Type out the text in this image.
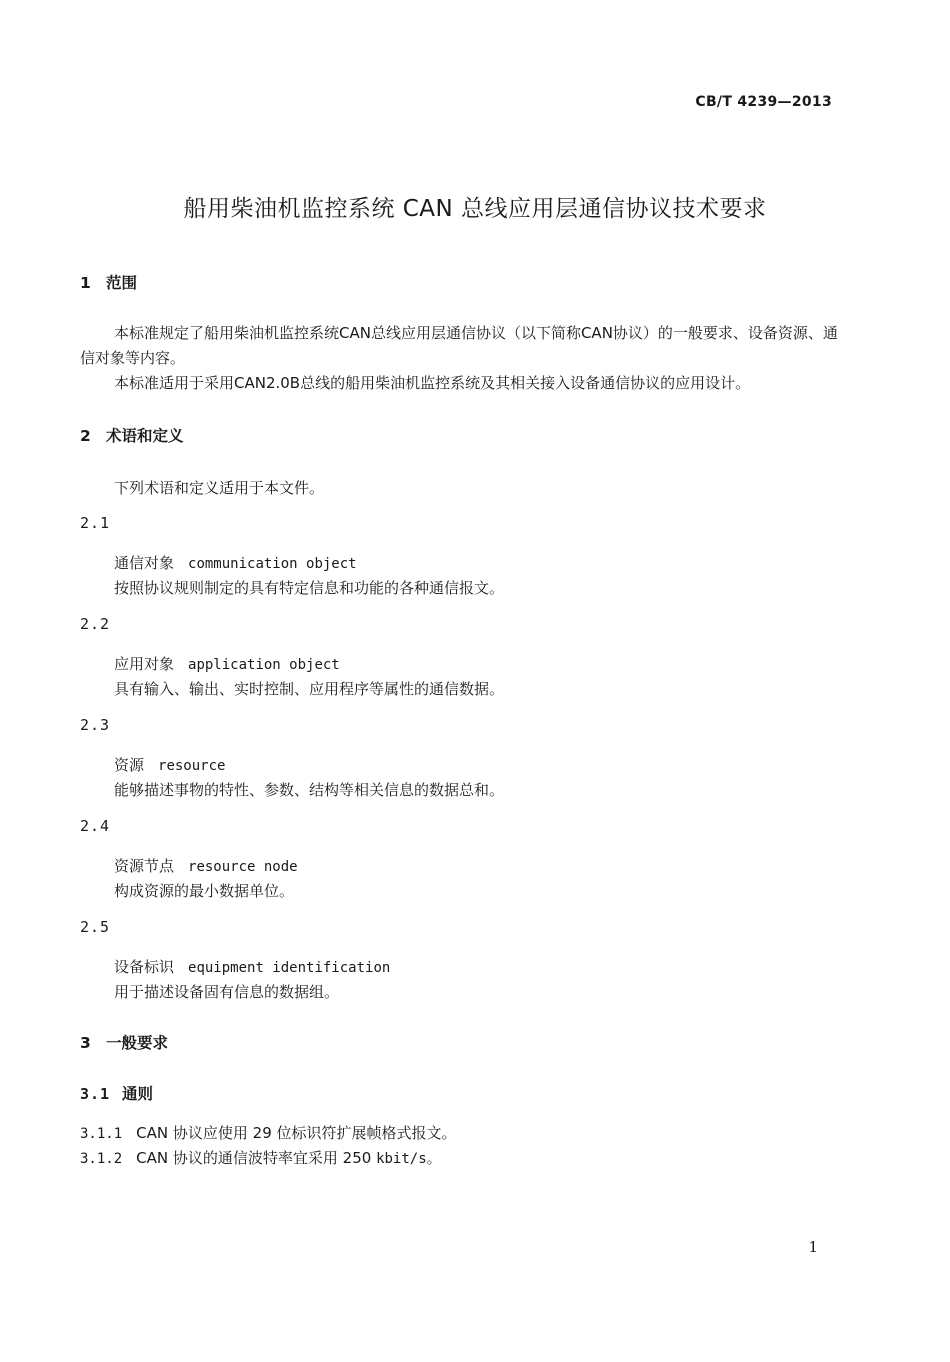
CB/T 4239—2013
船用柴油机监控系统 CAN 总线应用层通信协议技术要求
1 范围
本标准规定了船用柴油机监控系统CAN总线应用层通信协议（以下简称CAN协议）的一般要求、设备资源、通信对象等内容。
本标准适用于采用CAN2.0B总线的船用柴油机监控系统及其相关接入设备通信协议的应用设计。
2 术语和定义
下列术语和定义适用于本文件。
2.1
通信对象 communication object
按照协议规则制定的具有特定信息和功能的各种通信报文。
2.2
应用对象 application object
具有输入、输出、实时控制、应用程序等属性的通信数据。
2.3
资源 resource
能够描述事物的特性、参数、结构等相关信息的数据总和。
2.4
资源节点 resource node
构成资源的最小数据单位。
2.5
设备标识 equipment identification
用于描述设备固有信息的数据组。
3 一般要求
3.1 通则
3.1.1 CAN 协议应使用 29 位标识符扩展帧格式报文。
3.1.2 CAN 协议的通信波特率宜采用 250 kbit/s。
1
